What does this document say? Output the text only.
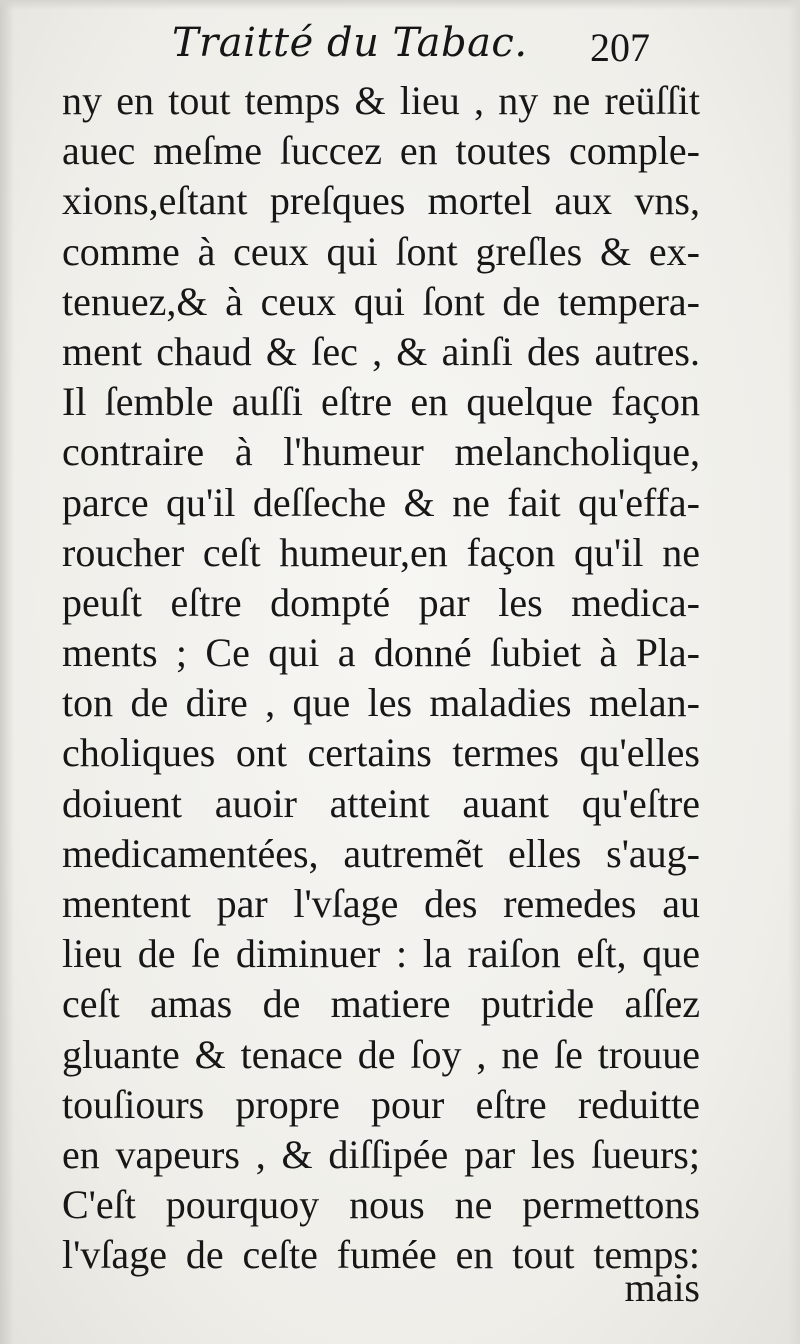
Traitté du Tabac. 207
ny en tout temps & lieu , ny ne reüſſit
auec meſme ſuccez en toutes comple-
xions,eſtant preſques mortel aux vns,
comme à ceux qui ſont greſles & ex-
tenuez,& à ceux qui ſont de tempera-
ment chaud & ſec , & ainſi des autres.
Il ſemble auſſi eſtre en quelque façon
contraire à l'humeur melancholique,
parce qu'il deſſeche & ne fait qu'effa-
roucher ceſt humeur,en façon qu'il ne
peuſt eſtre dompté par les medica-
ments ; Ce qui a donné ſubiet à Pla-
ton de dire , que les maladies melan-
choliques ont certains termes qu'elles
doiuent auoir atteint auant qu'eſtre
medicamentées, autremẽt elles s'aug-
mentent par l'vſage des remedes au
lieu de ſe diminuer : la raiſon eſt, que
ceſt amas de matiere putride aſſez
gluante & tenace de ſoy , ne ſe trouue
touſiours propre pour eſtre reduitte
en vapeurs , & diſſipée par les ſueurs;
C'eſt pourquoy nous ne permettons
l'vſage de ceſte fumée en tout temps:
mais
